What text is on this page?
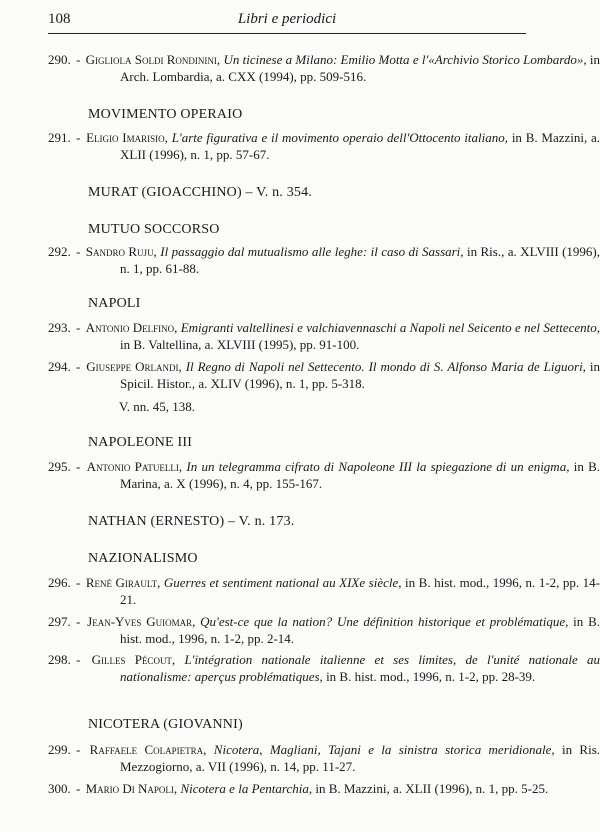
108	Libri e periodici
290. - Gigliola Soldi Rondinini, Un ticinese a Milano: Emilio Motta e l'«Archivio Storico Lombardo», in Arch. Lombardia, a. CXX (1994), pp. 509-516.
MOVIMENTO OPERAIO
291. - Eligio Imarisio, L'arte figurativa e il movimento operaio dell'Ottocento italiano, in B. Mazzini, a. XLII (1996), n. 1, pp. 57-67.
MURAT (GIOACCHINO) – V. n. 354.
MUTUO SOCCORSO
292. - Sandro Ruju, Il passaggio dal mutualismo alle leghe: il caso di Sassari, in Ris., a. XLVIII (1996), n. 1, pp. 61-88.
NAPOLI
293. - Antonio Delfino, Emigranti valtellinesi e valchiavennaschi a Napoli nel Seicento e nel Settecento, in B. Valtellina, a. XLVIII (1995), pp. 91-100.
294. - Giuseppe Orlandi, Il Regno di Napoli nel Settecento. Il mondo di S. Alfonso Maria de Liguori, in Spicil. Histor., a. XLIV (1996), n. 1, pp. 5-318.
V. nn. 45, 138.
NAPOLEONE III
295. - Antonio Patuelli, In un telegramma cifrato di Napoleone III la spiegazione di un enigma, in B. Marina, a. X (1996), n. 4, pp. 155-167.
NATHAN (ERNESTO) – V. n. 173.
NAZIONALISMO
296. - René Girault, Guerres et sentiment national au XIXe siècle, in B. hist. mod., 1996, n. 1-2, pp. 14-21.
297. - Jean-Yves Guiomar, Qu'est-ce que la nation? Une définition historique et problématique, in B. hist. mod., 1996, n. 1-2, pp. 2-14.
298. - Gilles Pécout, L'intégration nationale italienne et ses limites, de l'unité nationale au nationalisme: aperçus problématiques, in B. hist. mod., 1996, n. 1-2, pp. 28-39.
NICOTERA (GIOVANNI)
299. - Raffaele Colapietra, Nicotera, Magliani, Tajani e la sinistra storica meridionale, in Ris. Mezzogiorno, a. VII (1996), n. 14, pp. 11-27.
300. - Mario Di Napoli, Nicotera e la Pentarchia, in B. Mazzini, a. XLII (1996), n. 1, pp. 5-25.
